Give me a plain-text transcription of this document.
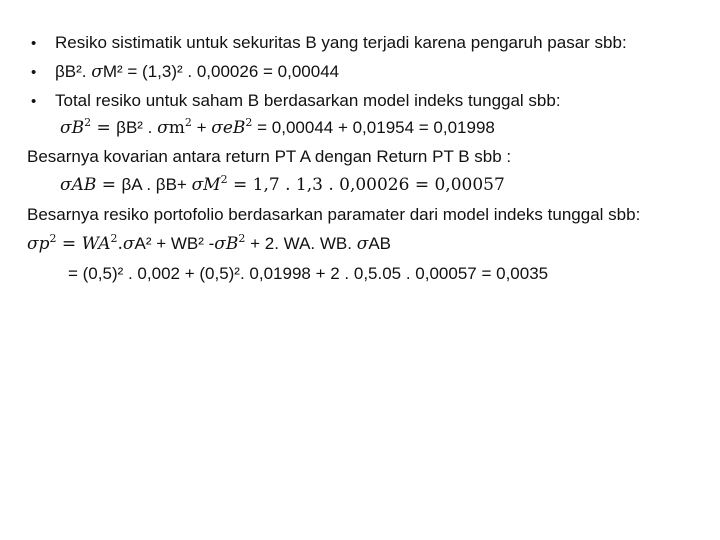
• Resiko sistimatik untuk sekuritas B yang terjadi karena pengaruh pasar sbb:
• βB². σM² = (1,3)² . 0,00026 = 0,00044
• Total resiko untuk saham B berdasarkan model indeks tunggal sbb:
$\sigma B^2 = \beta B^2$ . $\sigma m^2 + \sigma eB^2 = 0,00044 + 0,01954 = 0,01998$
Besarnya kovarian antara return PT A dengan Return PT B sbb :
σAB = βA . $\beta B+ \sigma M^2 = 1,7$ . 1,3 . 0,00026 = 0,00057
Besarnya resiko portofolio berdasarkan paramater dari model indeks tunggal sbb:
$\sigma p^2 = WA^2.\sigma A^2 + WB^2$ $-\sigma B^2 + 2$. WA. WB. σAB
= (0,5)² . 0,002 + (0,5)². 0,01998 + 2 . 0,5.05 . 0,00057 = 0,0035
